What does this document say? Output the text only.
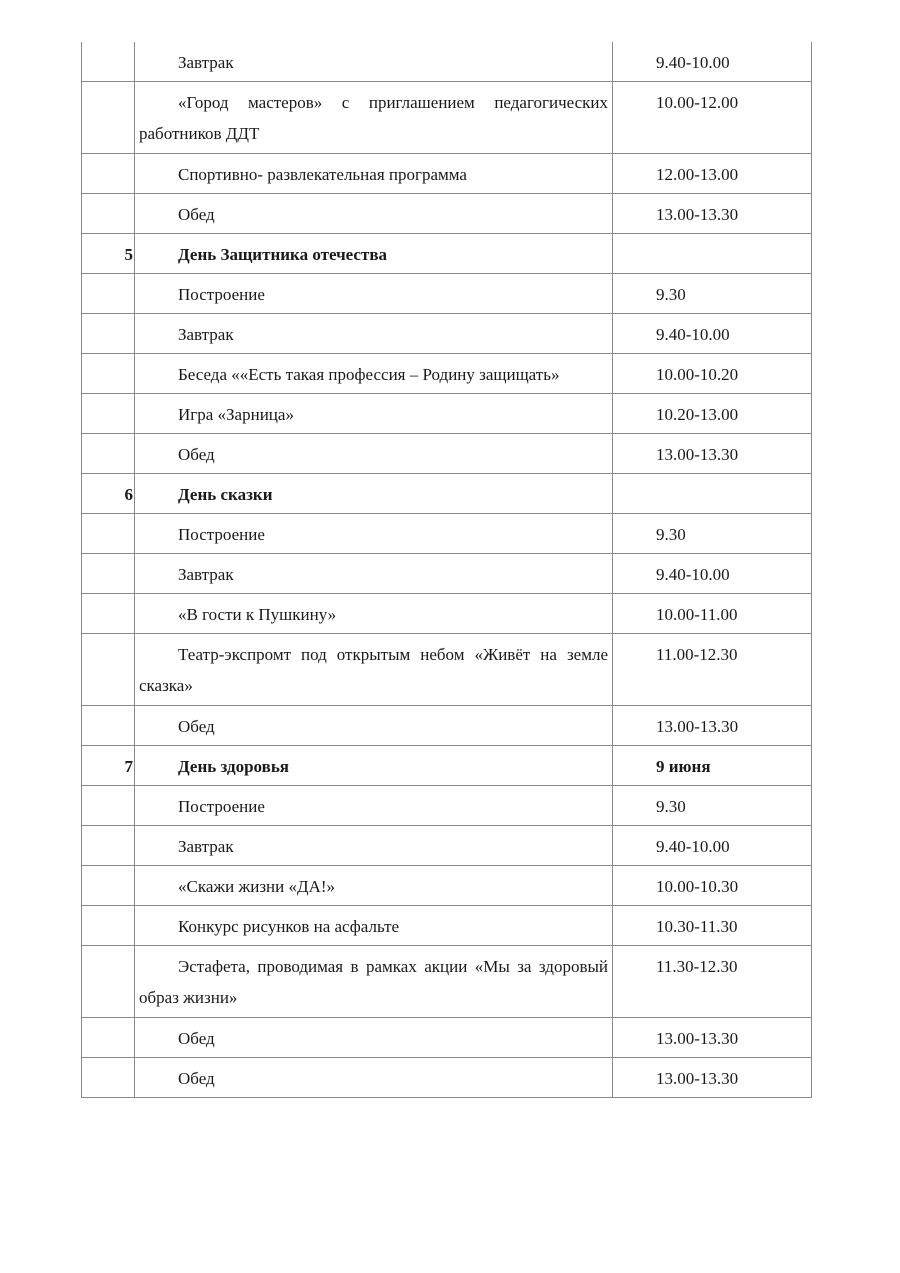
	Завтрак	9.40-10.00
	«Город мастеров» с приглашением педагогических работников ДДТ	10.00-12.00
	Спортивно- развлекательная программа	12.00-13.00
	Обед	13.00-13.30
5	День Защитника отечества	
	Построение	9.30
	Завтрак	9.40-10.00
	Беседа ««Есть такая профессия – Родину защищать»	10.00-10.20
	Игра «Зарница»	10.20-13.00
	Обед	13.00-13.30
6	День сказки	
	Построение	9.30
	Завтрак	9.40-10.00
	«В гости к Пушкину»	10.00-11.00
	Театр-экспромт под открытым небом «Живёт на земле сказка»	11.00-12.30
	Обед	13.00-13.30
7	День здоровья	9 июня
	Построение	9.30
	Завтрак	9.40-10.00
	«Скажи жизни «ДА!»	10.00-10.30
	Конкурс рисунков на асфальте	10.30-11.30
	Эстафета, проводимая в рамках акции «Мы за здоровый образ жизни»	11.30-12.30
	Обед	13.00-13.30
	Обед	13.00-13.30
